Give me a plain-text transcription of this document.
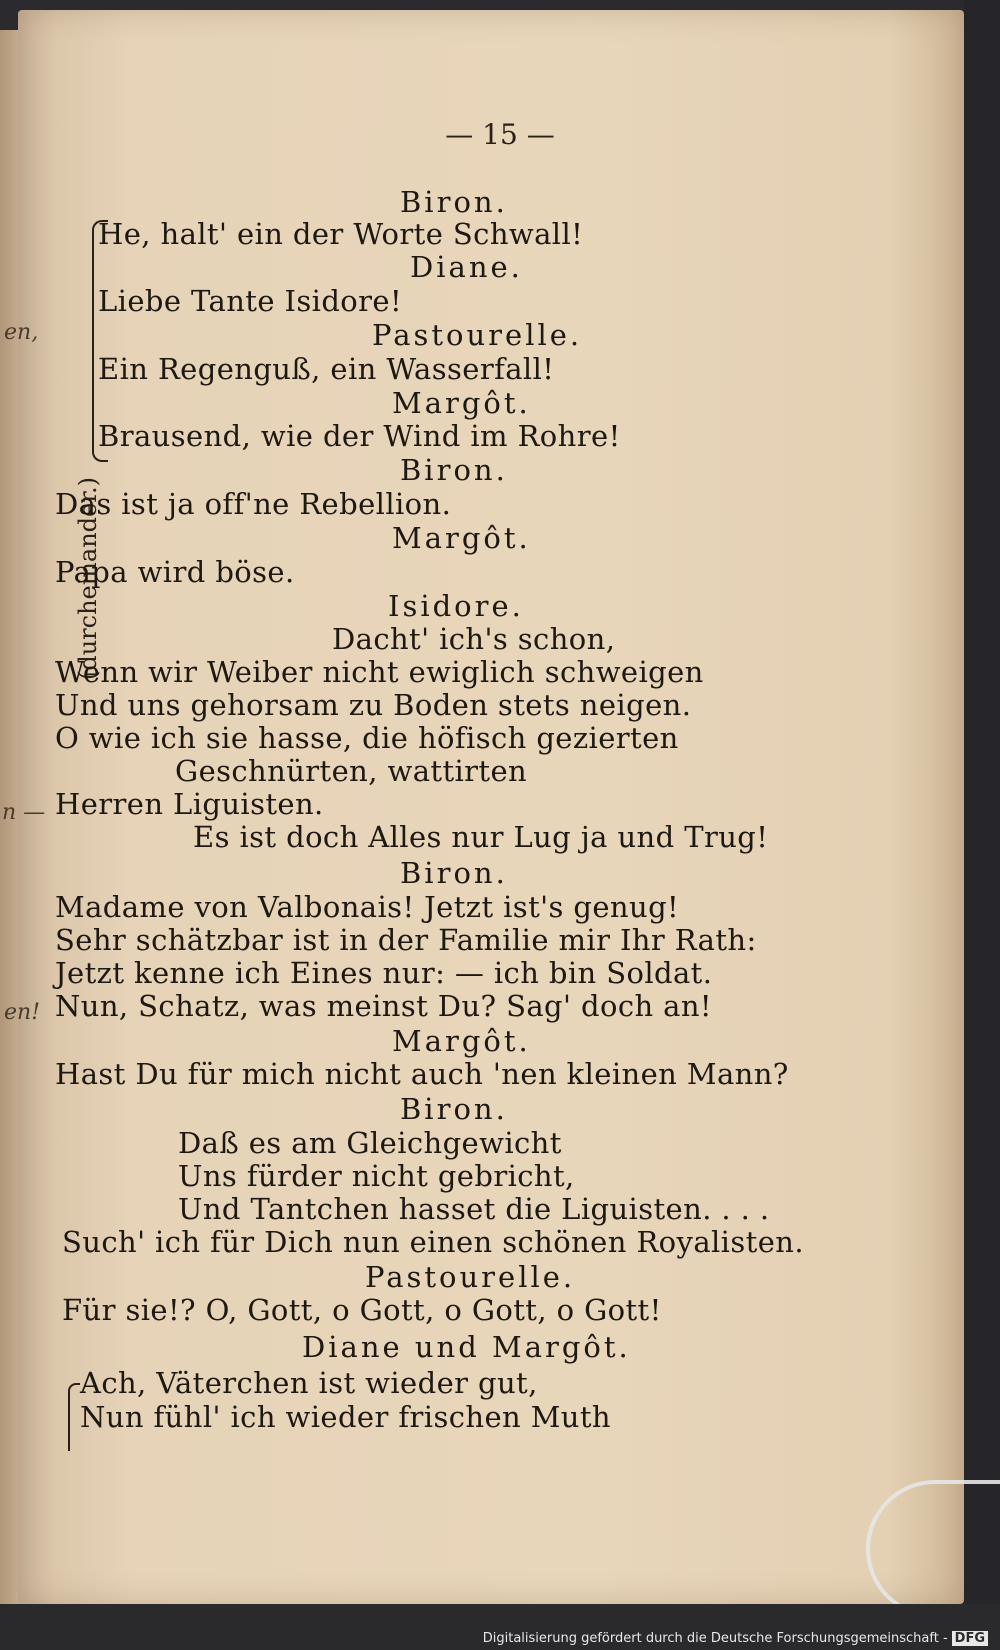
en,
n —
en!
— 15 —
(durcheinander.)
Biron.
He, halt' ein der Worte Schwall!
Diane.
Liebe Tante Isidore!
Pastourelle.
Ein Regenguß, ein Wasserfall!
Margôt.
Brausend, wie der Wind im Rohre!
Biron.
Das ist ja off'ne Rebellion.
Margôt.
Papa wird böse.
Isidore.
Dacht' ich's schon,
Wenn wir Weiber nicht ewiglich schweigen
Und uns gehorsam zu Boden stets neigen.
O wie ich sie hasse, die höfisch gezierten
Geschnürten, wattirten
Herren Liguisten.
Es ist doch Alles nur Lug ja und Trug!
Biron.
Madame von Valbonais! Jetzt ist's genug!
Sehr schätzbar ist in der Familie mir Ihr Rath:
Jetzt kenne ich Eines nur: — ich bin Soldat.
Nun, Schatz, was meinst Du? Sag' doch an!
Margôt.
Hast Du für mich nicht auch 'nen kleinen Mann?
Biron.
Daß es am Gleichgewicht
Uns fürder nicht gebricht,
Und Tantchen hasset die Liguisten. . . .
Such' ich für Dich nun einen schönen Royalisten.
Pastourelle.
Für sie!? O, Gott, o Gott, o Gott, o Gott!
Diane und Margôt.
Ach, Väterchen ist wieder gut,
Nun fühl' ich wieder frischen Muth
Digitalisierung gefördert durch die Deutsche Forschungsgemeinschaft - DFG
